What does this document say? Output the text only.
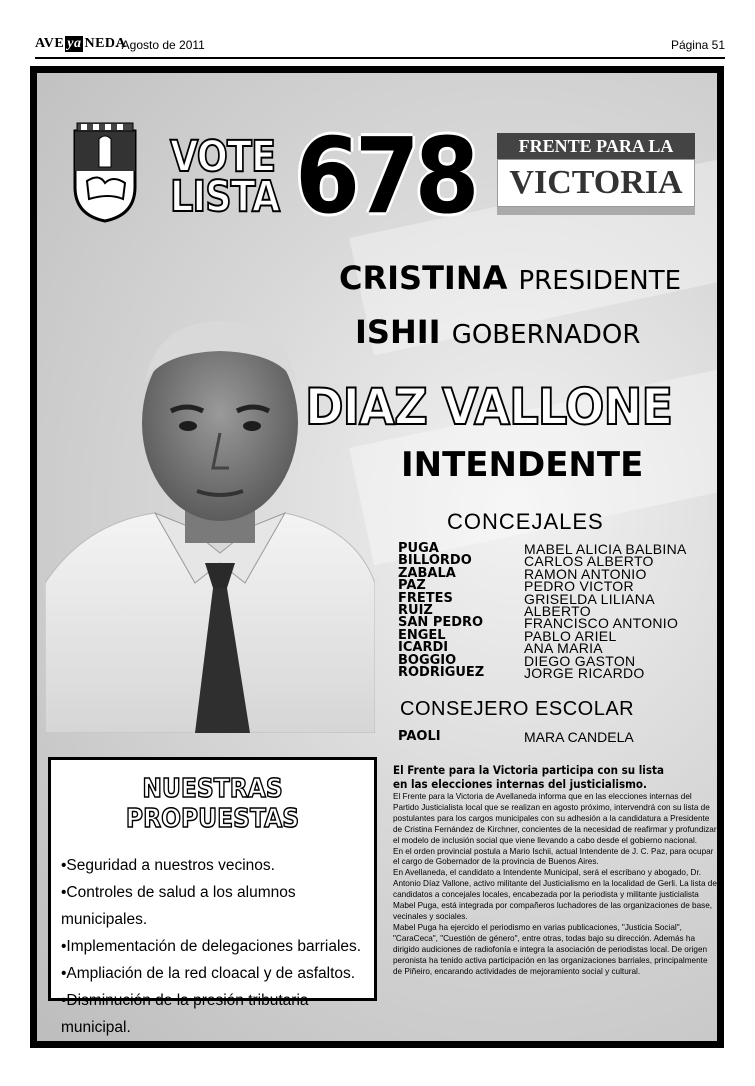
AVE ya NEDA
- Agosto de 2011	Página 51
VOTE
LISTA 678	FRENTE PARA LA
VICTORIA
CRISTINA PRESIDENTE
ISHII GOBERNADOR
DIAZ VALLONE
INTENDENTE
CONCEJALES
PUGA	MABEL ALICIA BALBINA
BILLORDO	CARLOS ALBERTO
ZABALA	RAMON ANTONIO
PAZ	PEDRO VICTOR
FRETES	GRISELDA LILIANA
RUIZ	ALBERTO
SAN PEDRO	FRANCISCO ANTONIO
ENGEL	PABLO ARIEL
ICARDI	ANA MARIA
BOGGIO	DIEGO GASTON
RODRIGUEZ	JORGE RICARDO
CONSEJERO ESCOLAR
PAOLI	MARA CANDELA
NUESTRAS
PROPUESTAS
•Seguridad a nuestros vecinos.
•Controles de salud a los alumnos municipales.
•Implementación de delegaciones barriales.
•Ampliación de la red cloacal y de asfaltos.
•Disminución de la presión tributaria municipal.
El Frente para la Victoria participa con su lista
en las elecciones internas del justicialismo.

El Frente para la Victoria de Avellaneda informa que en las elecciones internas del Partido Justicialista local que se realizan en agosto próximo, intervendrá con su lista de postulantes para los cargos municipales con su adhesión a la candidatura a Presidente de Cristina Fernández de Kirchner, concientes de la necesidad de reafirmar y profundizar el modelo de inclusión social que viene llevando a cabo desde el gobierno nacional.

En el orden provincial postula a Mario Ischii, actual Intendente de J. C. Paz, para ocupar el cargo de Gobernador de la provincia de Buenos Aires.

En Avellaneda, el candidato a Intendente Municipal, será el escribano y abogado, Dr. Antonio Díaz Vallone, activo militante del Justicialismo en la localidad de Gerli. La lista de candidatos a concejales locales, encabezada por la periodista y militante justicialista Mabel Puga, está integrada por compañeros luchadores de las organizaciones de base, vecinales y sociales.

Mabel Puga ha ejercido el periodismo en varias publicaciones, "Justicia Social", "CaraCeca", "Cuestión de género", entre otras, todas bajo su dirección. Además ha dirigido audiciones de radiofonía e integra la asociación de periodistas local. De origen peronista ha tenido activa participación en las organizaciones barriales, principalmente de Piñeiro, encarando actividades de mejoramiento social y cultural.
